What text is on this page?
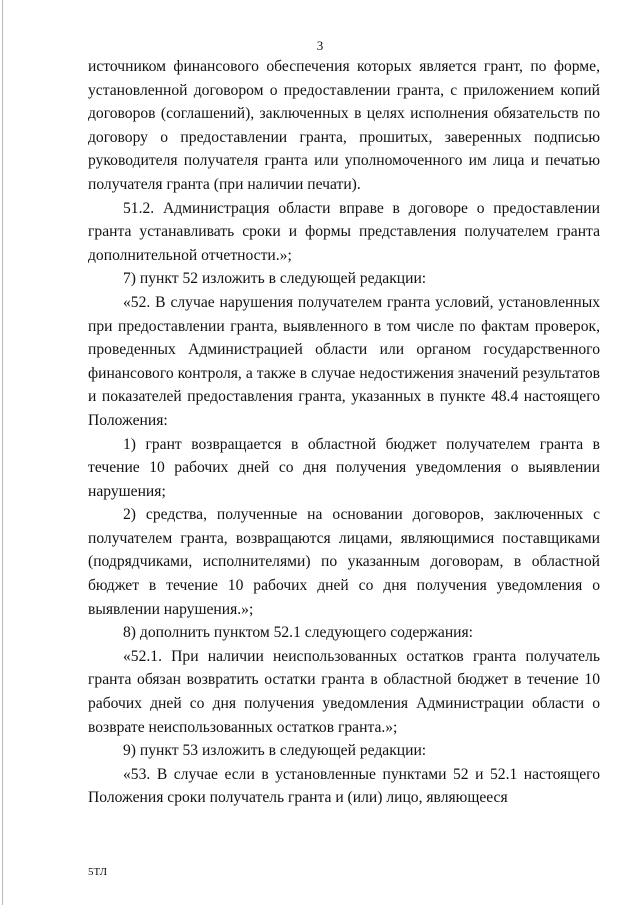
3

источником финансового обеспечения которых является грант, по форме, установленной договором о предоставлении гранта, с приложением копий договоров (соглашений), заключенных в целях исполнения обязательств по договору о предоставлении гранта, прошитых, заверенных подписью руководителя получателя гранта или уполномоченного им лица и печатью получателя гранта (при наличии печати).

51.2. Администрация области вправе в договоре о предоставлении гранта устанавливать сроки и формы представления получателем гранта дополнительной отчетности.»;

7) пункт 52 изложить в следующей редакции:

«52. В случае нарушения получателем гранта условий, установленных при предоставлении гранта, выявленного в том числе по фактам проверок, проведенных Администрацией области или органом государственного финансового контроля, а также в случае недостижения значений результатов и показателей предоставления гранта, указанных в пункте 48.4 настоящего Положения:

1) грант возвращается в областной бюджет получателем гранта в течение 10 рабочих дней со дня получения уведомления о выявлении нарушения;

2) средства, полученные на основании договоров, заключенных с получателем гранта, возвращаются лицами, являющимися поставщиками (подрядчиками, исполнителями) по указанным договорам, в областной бюджет в течение 10 рабочих дней со дня получения уведомления о выявлении нарушения.»;

8) дополнить пунктом 52.1 следующего содержания:

«52.1. При наличии неиспользованных остатков гранта получатель гранта обязан возвратить остатки гранта в областной бюджет в течение 10 рабочих дней со дня получения уведомления Администрации области о возврате неиспользованных остатков гранта.»;

9) пункт 53 изложить в следующей редакции:

«53. В случае если в установленные пунктами 52 и 52.1 настоящего Положения сроки получатель гранта и (или) лицо, являющееся

5ТЛ
